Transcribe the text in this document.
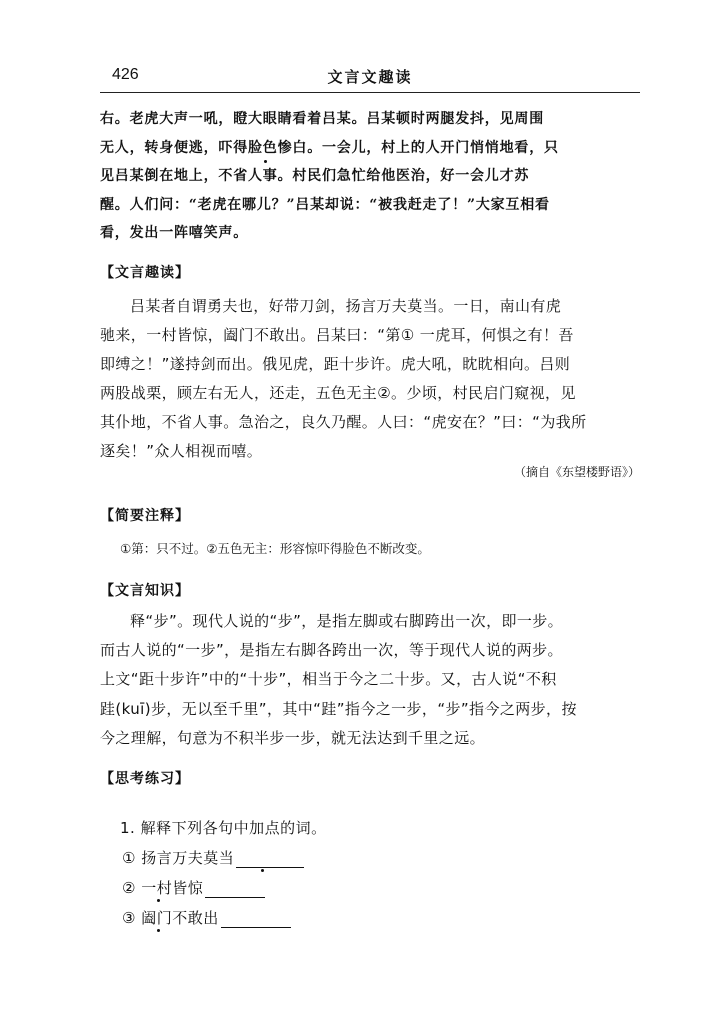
426	文言文趣读

右。老虎大声一吼，瞪大眼睛看着吕某。吕某顿时两腿发抖，见周围

无人，转身便逃，吓得脸色惨白。一会儿，村上的人开门悄悄地看，只

见吕某倒在地上，不省人事。村民们急忙给他医治，好一会儿才苏

醒。人们问：“老虎在哪儿？”吕某却说：“被我赶走了！”大家互相看

看，发出一阵嘻笑声。

【文言趣读】

吕某者自谓勇夫也，好带刀剑，扬言万夫莫当。一日，南山有虎

驰来，一村皆惊，阖门不敢出。吕某曰：“第① 一虎耳，何惧之有！吾

即缚之！”遂持剑而出。俄见虎，距十步许。虎大吼，眈眈相向。吕则

两股战栗，顾左右无人，还走，五色无主②。少顷，村民启门窥视，见

其仆地，不省人事。急治之，良久乃醒。人曰：“虎安在？”曰：“为我所

逐矣！”众人相视而嘻。

（摘自《东望楼野语》）
【简要注释】
①第：只不过。②五色无主：形容惊吓得脸色不断改变。
【文言知识】

释“步”。现代人说的“步”，是指左脚或右脚跨出一次，即一步。

而古人说的“一步”，是指左右脚各跨出一次，等于现代人说的两步。

上文“距十步许”中的“十步”，相当于今之二十步。又，古人说“不积

跬(kuī)步，无以至千里”，其中“跬”指今之一步，“步”指今之两步，按

今之理解，句意为不积半步一步，就无法达到千里之远。

【思考练习】
1. 解释下列各句中加点的词。
① 扬言万夫莫当
② 一村皆惊
③ 阖门不敢出
